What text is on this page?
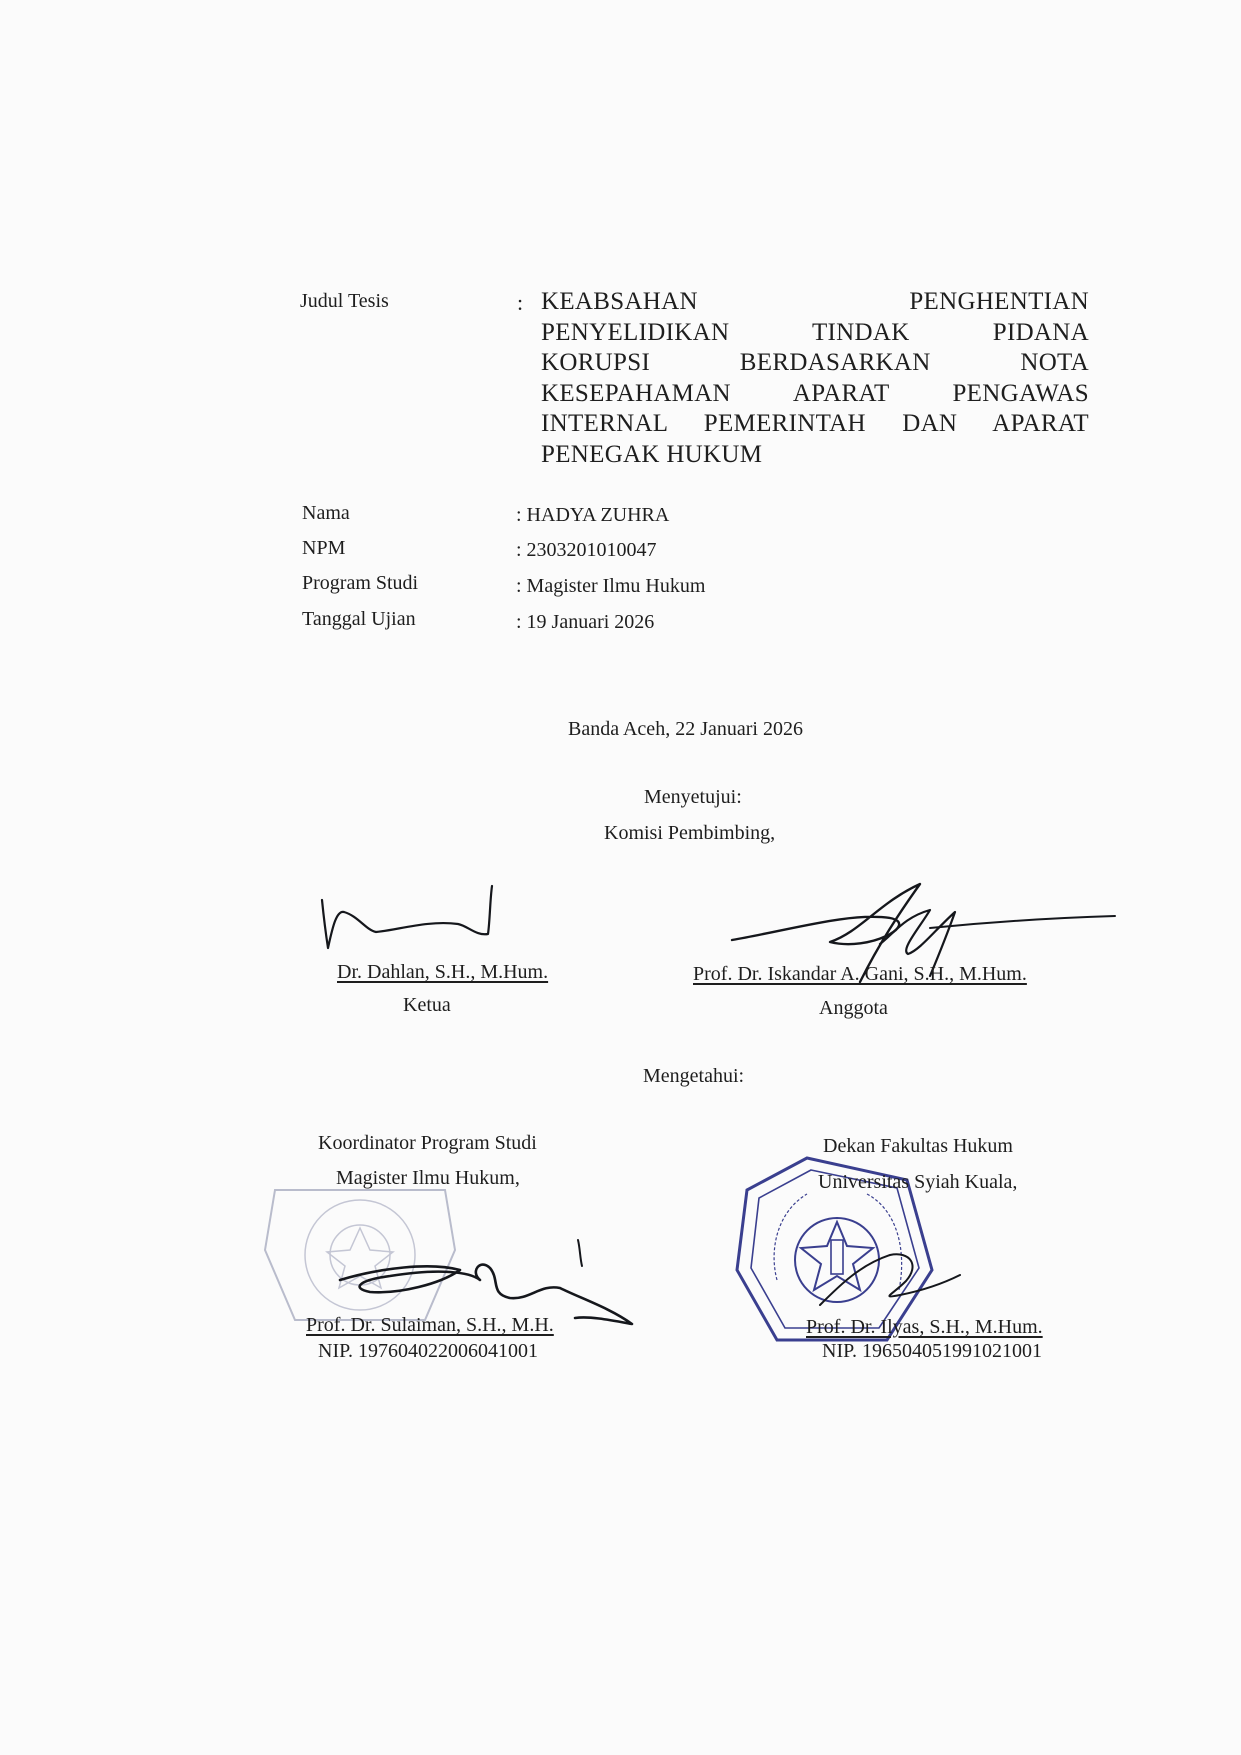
Judul Tesis	: KEABSAHAN PENGHENTIAN
PENYELIDIKAN TINDAK PIDANA
KORUPSI BERDASARKAN NOTA
KESEPAHAMAN APARAT PENGAWAS
INTERNAL PEMERINTAH DAN APARAT
PENEGAK HUKUM
Nama	: HADYA ZUHRA
NPM	: 2303201010047
Program Studi	: Magister Ilmu Hukum
Tanggal Ujian	: 19 Januari 2026
Banda Aceh, 22 Januari 2026
Menyetujui:
Komisi Pembimbing,
Dr. Dahlan, S.H., M.Hum.
Ketua
Prof. Dr. Iskandar A. Gani, S.H., M.Hum.
Anggota
Mengetahui:
Koordinator Program Studi
Magister Ilmu Hukum,
Prof. Dr. Sulaiman, S.H., M.H.
NIP. 197604022006041001
Dekan Fakultas Hukum
Universitas Syiah Kuala,
Prof. Dr. Ilyas, S.H., M.Hum.
NIP. 196504051991021001
